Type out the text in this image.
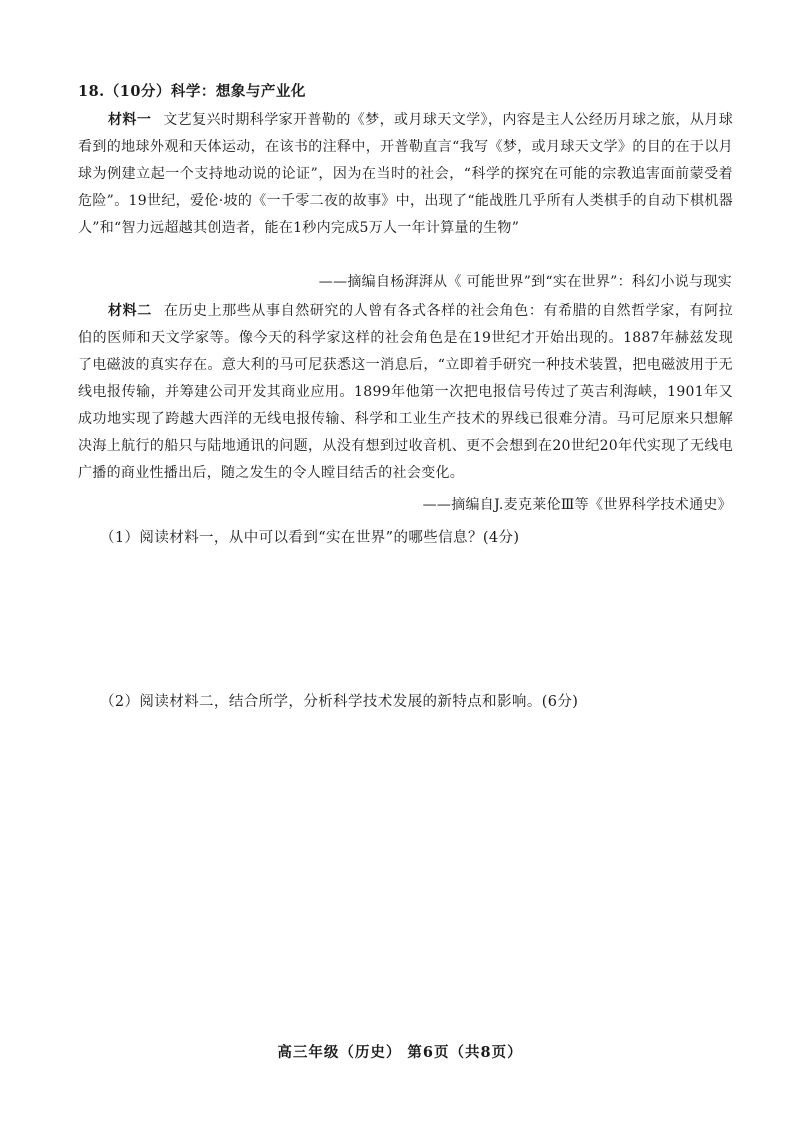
18.（10分）科学：想象与产业化
材料一 文艺复兴时期科学家开普勒的《梦，或月球天文学》，内容是主人公经历月球之旅，从月球看到的地球外观和天体运动，在该书的注释中，开普勒直言“我写《梦，或月球天文学》的目的在于以月球为例建立起一个支持地动说的论证”，因为在当时的社会，“科学的探究在可能的宗教追害面前蒙受着危险”。19世纪，爱伦·坡的《一千零二夜的故事》中，出现了“能战胜几乎所有人类棋手的自动下棋机器人”和“智力远超越其创造者，能在1秒内完成5万人一年计算量的生物”
——摘编自杨湃湃从《 可能世界”到“实在世界”：科幻小说与现实
材料二 在历史上那些从事自然研究的人曾有各式各样的社会角色：有希腊的自然哲学家，有阿拉伯的医师和天文学家等。像今天的科学家这样的社会角色是在19世纪才开始出现的。1887年赫兹发现了电磁波的真实存在。意大利的马可尼获悉这一消息后，“立即着手研究一种技术装置，把电磁波用于无线电报传输，并筹建公司开发其商业应用。1899年他第一次把电报信号传过了英吉利海峡，1901年又成功地实现了跨越大西洋的无线电报传输、科学和工业生产技术的界线已很难分清。马可尼原来只想解决海上航行的船只与陆地通讯的问题，从没有想到过收音机、更不会想到在20世纪20年代实现了无线电广播的商业性播出后，随之发生的令人瞠目结舌的社会变化。
——摘编自J.麦克莱伦Ⅲ等《世界科学技术通史》
（1）阅读材料一，从中可以看到“实在世界”的哪些信息？(4分)
（2）阅读材料二，结合所学，分析科学技术发展的新特点和影响。(6分)
高三年级（历史） 第6页（共8页）
